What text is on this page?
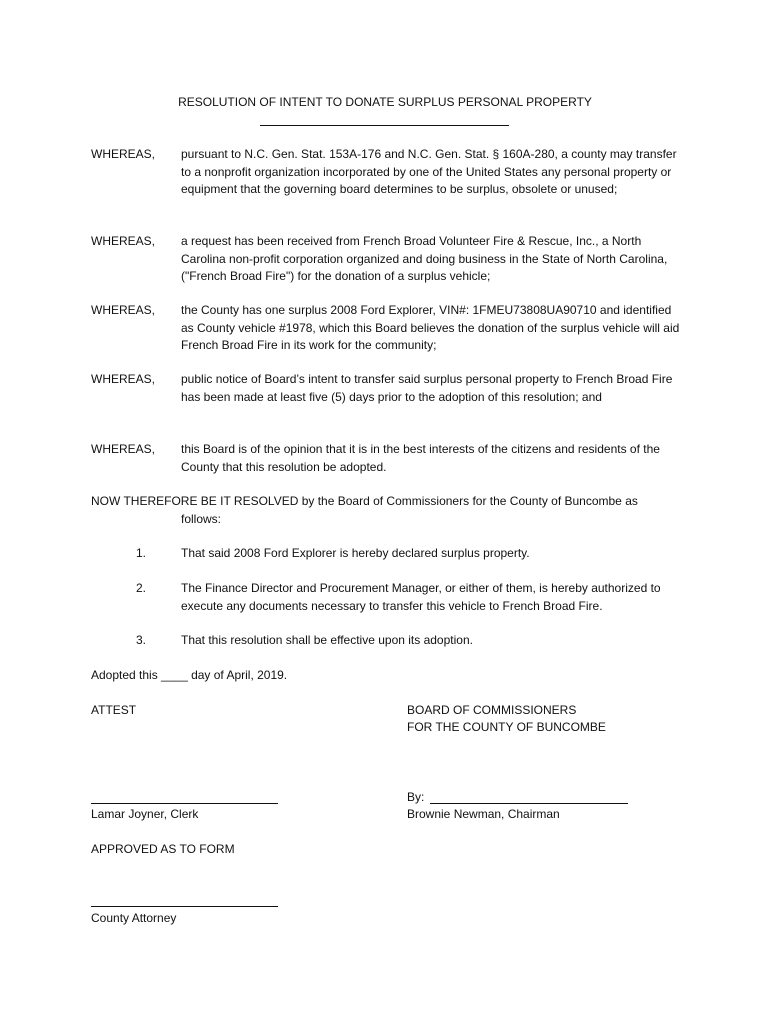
RESOLUTION OF INTENT TO DONATE SURPLUS PERSONAL PROPERTY
WHEREAS, pursuant to N.C. Gen. Stat. 153A-176 and N.C. Gen. Stat. § 160A-280, a county may transfer to a nonprofit organization incorporated by one of the United States any personal property or equipment that the governing board determines to be surplus, obsolete or unused;
WHEREAS, a request has been received from French Broad Volunteer Fire & Rescue, Inc., a North Carolina non-profit corporation organized and doing business in the State of North Carolina, ("French Broad Fire") for the donation of a surplus vehicle;
WHEREAS, the County has one surplus 2008 Ford Explorer, VIN#: 1FMEU73808UA90710 and identified as County vehicle #1978, which this Board believes the donation of the surplus vehicle will aid French Broad Fire in its work for the community;
WHEREAS, public notice of Board’s intent to transfer said surplus personal property to French Broad Fire has been made at least five (5) days prior to the adoption of this resolution; and
WHEREAS, this Board is of the opinion that it is in the best interests of the citizens and residents of the County that this resolution be adopted.
NOW THEREFORE BE IT RESOLVED by the Board of Commissioners for the County of Buncombe as
follows:
1.	That said 2008 Ford Explorer is hereby declared surplus property.
2.	The Finance Director and Procurement Manager, or either of them, is hereby authorized to execute any documents necessary to transfer this vehicle to French Broad Fire.
3.	That this resolution shall be effective upon its adoption.
Adopted this ____ day of April, 2019.
ATTEST	BOARD OF COMMISSIONERS
FOR THE COUNTY OF BUNCOMBE
By:
Lamar Joyner, Clerk	Brownie Newman, Chairman
APPROVED AS TO FORM
County Attorney
